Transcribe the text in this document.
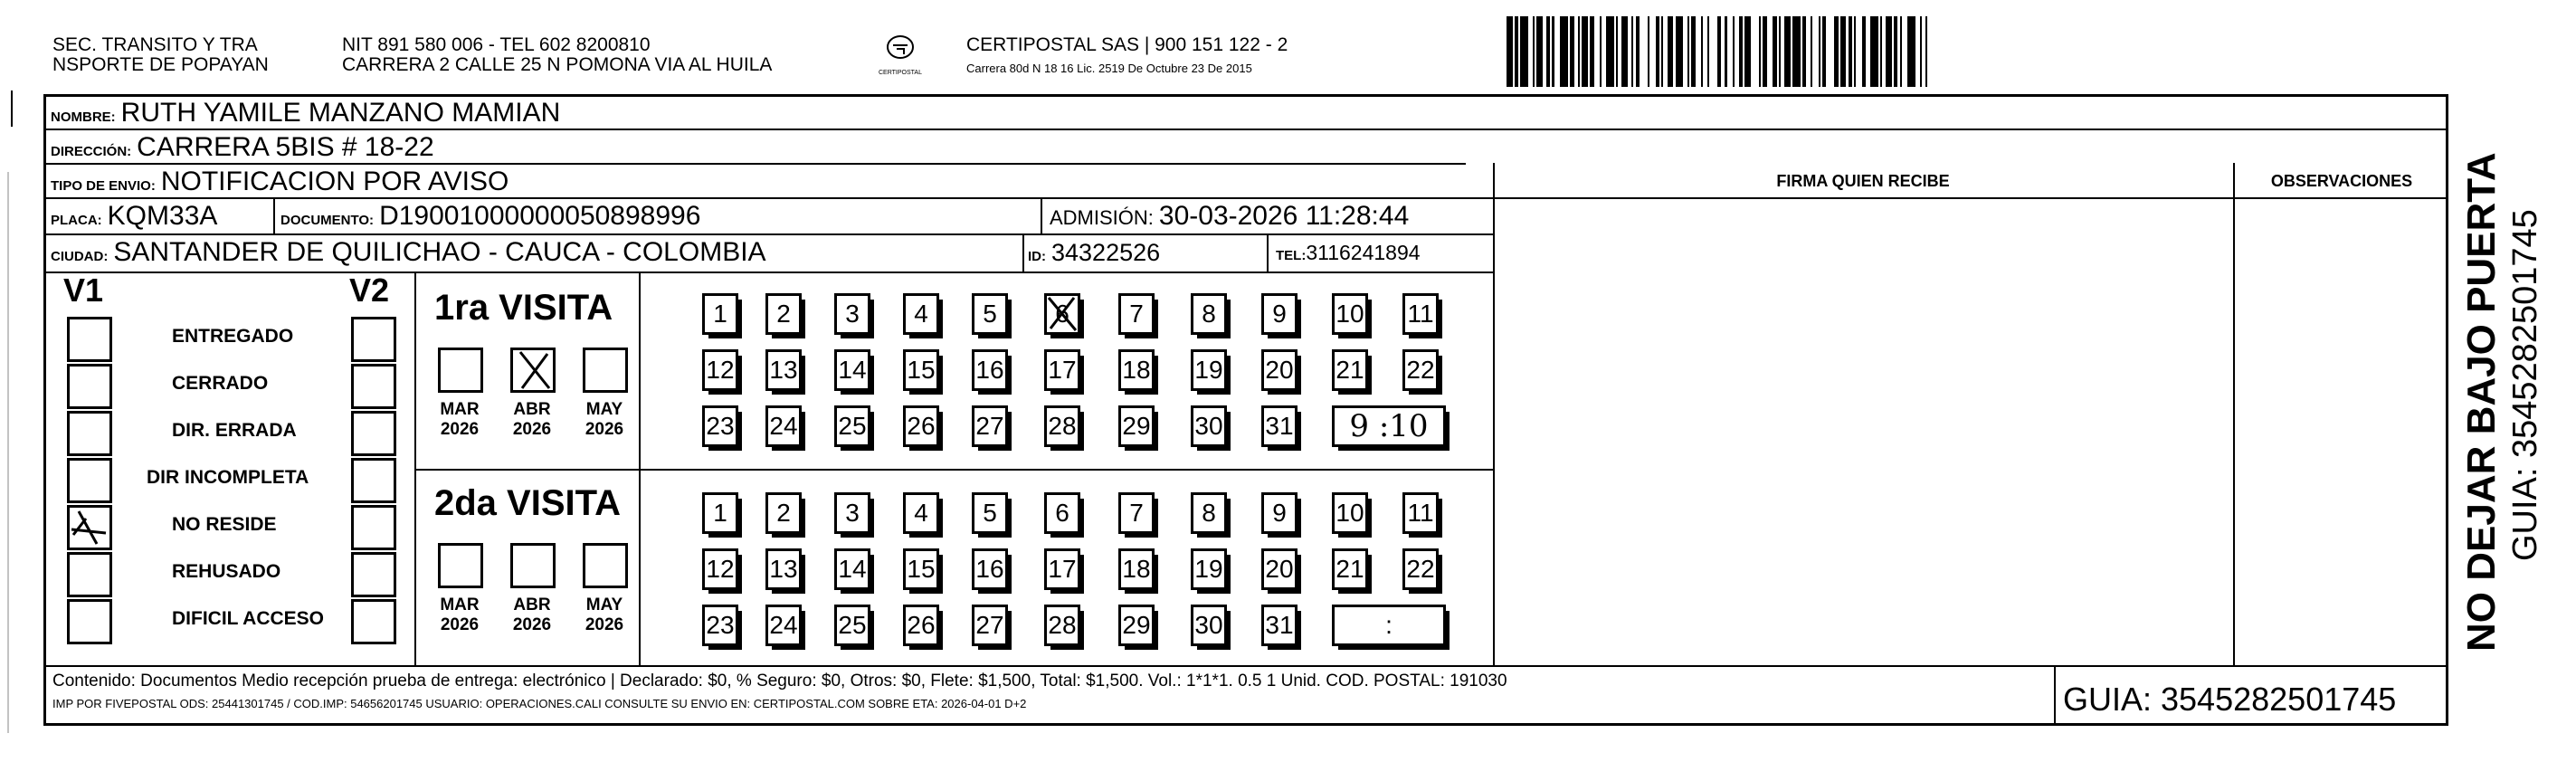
SEC. TRANSITO Y TRA
NSPORTE DE POPAYAN
NIT 891 580 006 - TEL 602 8200810
CARRERA 2 CALLE 25 N POMONA VIA AL HUILA	CERTIPOSTAL
CERTIPOSTAL SAS | 900 151 122 - 2
Carrera 80d N 18 16 Lic. 2519 De Octubre 23 De 2015
NOMBRE: RUTH YAMILE MANZANO MAMIAN
DIRECCIÓN: CARRERA 5BIS # 18-22
TIPO DE ENVIO: NOTIFICACION POR AVISO
PLACA: KQM33A	DOCUMENTO: D19001000000050898996	ADMISIÓN: 30-03-2026 11:28:44
CIUDAD: SANTANDER DE QUILICHAO - CAUCA - COLOMBIA	ID: 34322526	TEL: 3116241894
FIRMA QUIEN RECIBE	OBSERVACIONES
V1	V2
ENTREGADO
CERRADO
DIR. ERRADA
DIR INCOMPLETA
NO RESIDE
REHUSADO
DIFICIL ACCESO
1ra VISITA
MAR
2026
ABR
2026
MAY
2026
1	2	3	4	5	6	7	8	9	10 11
12 13 14 15 16 17 18 19 20 21 22
23 24 25 26 27 28 29 30 31	9 :10
2da VISITA
MAR
2026
ABR
2026
MAY
2026
1	2	3	4	5	6	7	8	9	10 11
12 13 14 15 16 17 18 19 20 21 22
23 24 25 26 27 28 29 30 31	:
Contenido: Documentos Medio recepción prueba de entrega: electrónico | Declarado: $0, % Seguro: $0, Otros: $0, Flete: $1,500, Total: $1,500. Vol.: 1*1*1. 0.5 1 Unid. COD. POSTAL: 191030
IMP POR FIVEPOSTAL ODS: 25441301745 / COD.IMP: 54656201745 USUARIO: OPERACIONES.CALI CONSULTE SU ENVIO EN: CERTIPOSTAL.COM SOBRE ETA: 2026-04-01 D+2	GUIA: 3545282501745
NO DEJAR BAJO PUERTA GUIA: 3545282501745
